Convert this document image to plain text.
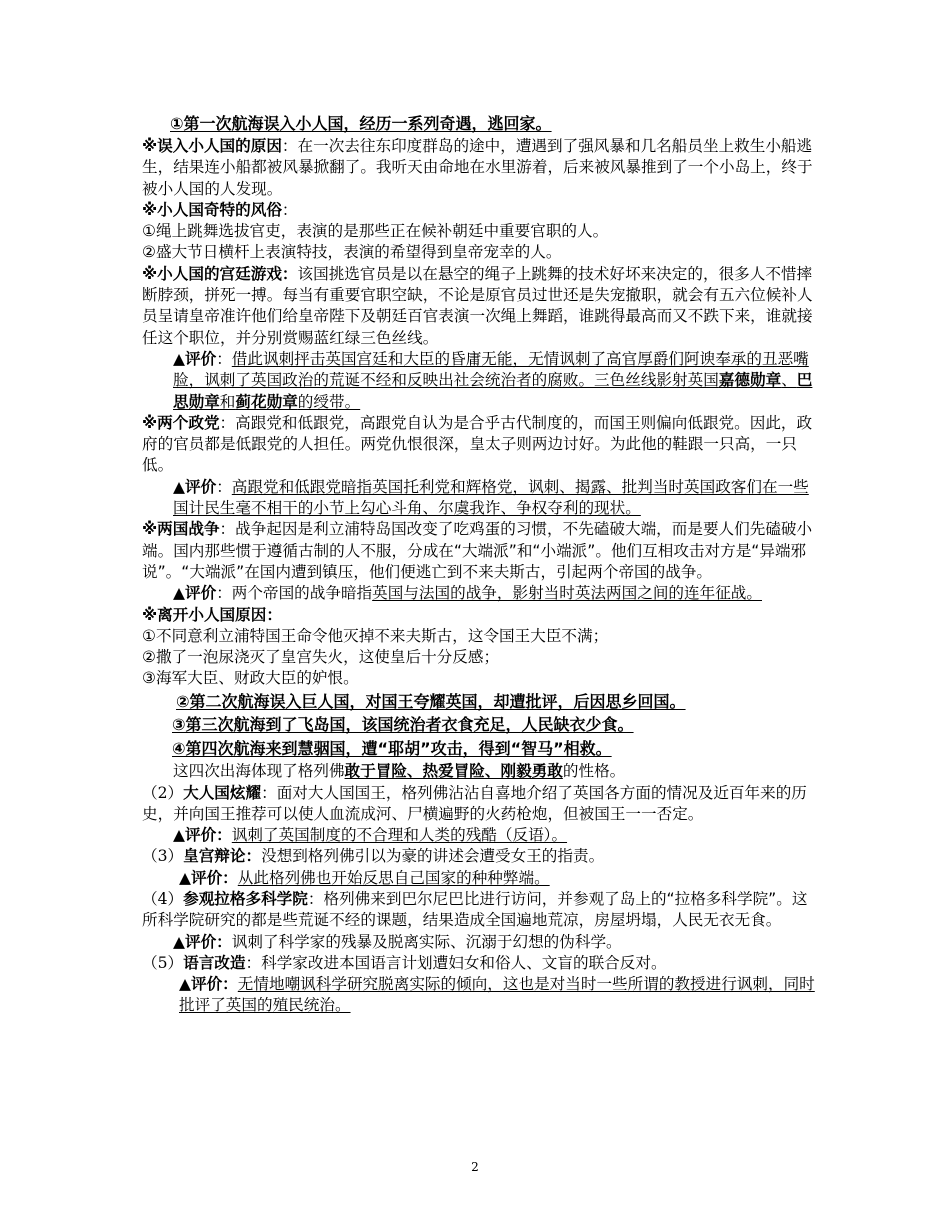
①第一次航海误入小人国，经历一系列奇遇，逃回家。

※误入小人国的原因：在一次去往东印度群岛的途中，遭遇到了强风暴和几名船员坐上救生小船逃生，结果连小船都被风暴掀翻了。我听天由命地在水里游着，后来被风暴推到了一个小岛上，终于被小人国的人发现。

※小人国奇特的风俗：

①绳上跳舞选拔官吏，表演的是那些正在候补朝廷中重要官职的人。

②盛大节日横杆上表演特技，表演的希望得到皇帝宠幸的人。

※小人国的宫廷游戏：该国挑选官员是以在悬空的绳子上跳舞的技术好坏来决定的，很多人不惜摔断脖颈，拼死一搏。每当有重要官职空缺，不论是原官员过世还是失宠撤职，就会有五六位候补人员呈请皇帝准许他们给皇帝陛下及朝廷百官表演一次绳上舞蹈，谁跳得最高而又不跌下来，谁就接任这个职位，并分别赏赐蓝红绿三色丝线。

▲评价：借此讽刺抨击英国宫廷和大臣的昏庸无能，无情讽刺了高官厚爵们阿谀奉承的丑恶嘴脸，讽刺了英国政治的荒诞不经和反映出社会统治者的腐败。三色丝线影射英国嘉德勋章、巴思勋章和蓟花勋章的绶带。

※两个政党：高跟党和低跟党，高跟党自认为是合乎古代制度的，而国王则偏向低跟党。因此，政府的官员都是低跟党的人担任。两党仇恨很深，皇太子则两边讨好。为此他的鞋跟一只高，一只低。

▲评价：高跟党和低跟党暗指英国托利党和辉格党，讽刺、揭露、批判当时英国政客们在一些国计民生毫不相干的小节上勾心斗角、尔虞我诈、争权夺利的现状。

※两国战争：战争起因是利立浦特岛国改变了吃鸡蛋的习惯，不先磕破大端，而是要人们先磕破小端。国内那些惯于遵循古制的人不服，分成在“大端派”和“小端派”。他们互相攻击对方是“异端邪说”。“大端派”在国内遭到镇压，他们便逃亡到不来夫斯古，引起两个帝国的战争。

▲评价：两个帝国的战争暗指英国与法国的战争，影射当时英法两国之间的连年征战。

※离开小人国原因：

①不同意利立浦特国王命令他灭掉不来夫斯古，这令国王大臣不满；

②撒了一泡尿浇灭了皇宫失火，这使皇后十分反感；

③海军大臣、财政大臣的妒恨。

②第二次航海误入巨人国，对国王夸耀英国，却遭批评，后因思乡回国。

③第三次航海到了飞岛国，该国统治者衣食充足，人民缺衣少食。

④第四次航海来到慧骃国，遭“耶胡”攻击，得到“智马”相救。

这四次出海体现了格列佛敢于冒险、热爱冒险、刚毅勇敢的性格。

（2）大人国炫耀：面对大人国国王，格列佛沾沾自喜地介绍了英国各方面的情况及近百年来的历史，并向国王推荐可以使人血流成河、尸横遍野的火药枪炮，但被国王一一否定。

▲评价：讽刺了英国制度的不合理和人类的残酷（反语）。

（3）皇宫辩论：没想到格列佛引以为豪的讲述会遭受女王的指责。

▲评价：从此格列佛也开始反思自己国家的种种弊端。

（4）参观拉格多科学院：格列佛来到巴尔尼巴比进行访问，并参观了岛上的“拉格多科学院”。这所科学院研究的都是些荒诞不经的课题，结果造成全国遍地荒凉，房屋坍塌，人民无衣无食。

▲评价：讽刺了科学家的残暴及脱离实际、沉溺于幻想的伪科学。

（5）语言改造：科学家改进本国语言计划遭妇女和俗人、文盲的联合反对。

▲评价：无情地嘲讽科学研究脱离实际的倾向，这也是对当时一些所谓的教授进行讽刺，同时批评了英国的殖民统治。

2
